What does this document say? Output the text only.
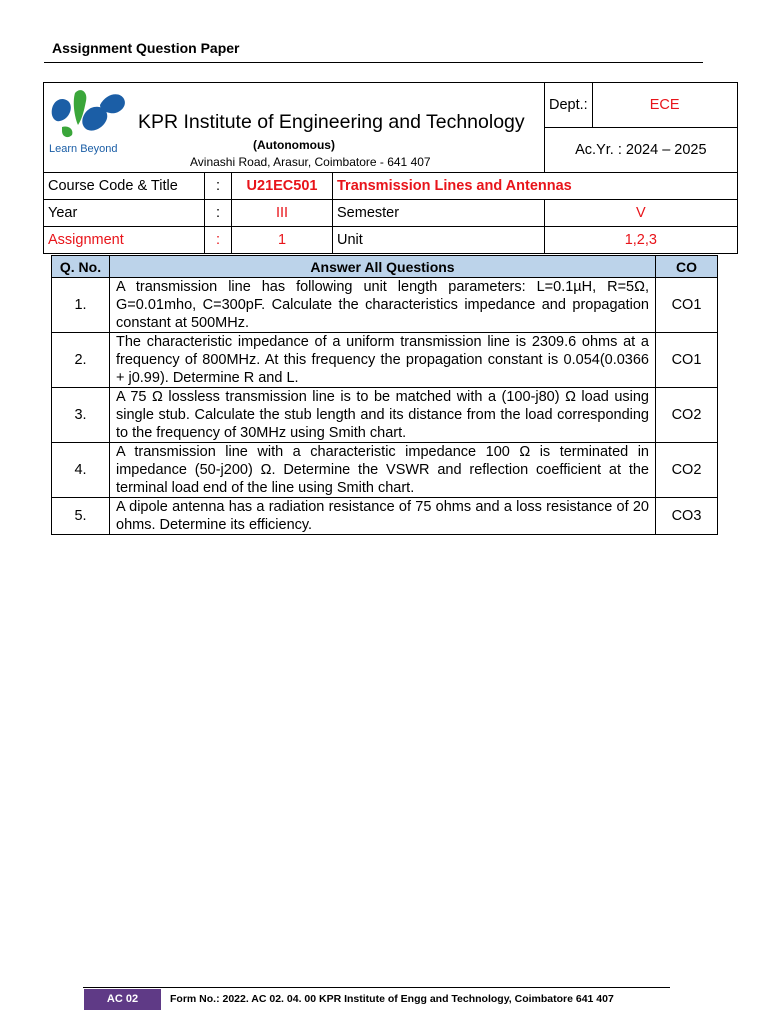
Assignment Question Paper
Learn Beyond
KPR Institute of Engineering and Technology
(Autonomous)
Avinashi Road, Arasur, Coimbatore - 641 407				Dept.:	ECE
				Ac.Yr. : 2024 – 2025	
Course Code & Title	:	U21EC501	Transmission Lines and Antennas		
Year	:	III	Semester	V	
Assignment	:	1	Unit	1,2,3	
Q. No.	Answer All Questions	CO
1.	A transmission line has following unit length parameters: L=0.1µH, R=5Ω, G=0.01mho, C=300pF. Calculate the characteristics impedance and propagation constant at 500MHz.	CO1
2.	The characteristic impedance of a uniform transmission line is 2309.6 ohms at a frequency of 800MHz. At this frequency the propagation constant is 0.054(0.0366 + j0.99). Determine R and L.	CO1
3.	A 75 Ω lossless transmission line is to be matched with a (100-j80) Ω load using single stub. Calculate the stub length and its distance from the load corresponding to the frequency of 30MHz using Smith chart.	CO2
4.	A transmission line with a characteristic impedance 100 Ω is terminated in impedance (50-j200) Ω. Determine the VSWR and reflection coefficient at the terminal load end of the line using Smith chart.	CO2
5.	A dipole antenna has a radiation resistance of 75 ohms and a loss resistance of 20 ohms. Determine its efficiency.	CO3
AC 02	Form No.: 2022. AC 02. 04. 00 KPR Institute of Engg and Technology, Coimbatore 641 407
